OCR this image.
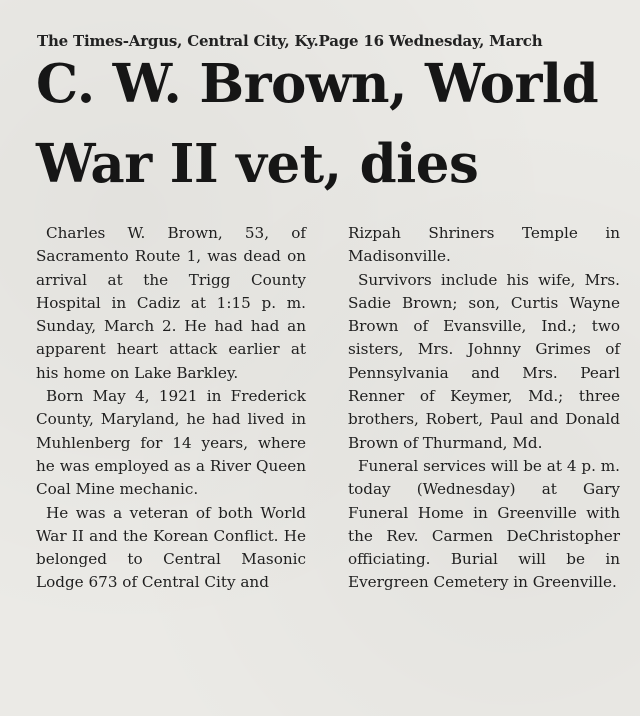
The Times-Argus, Central City, Ky.Page 16 Wednesday, March
C. W. Brown, World
War II vet, dies

Charles W. Brown, 53, of Sacramento Route 1, was dead on arrival at the Trigg County Hospital in Cadiz at 1:15 p. m. Sunday, March 2. He had had an apparent heart attack earlier at his home on Lake Barkley.

Born May 4, 1921 in Frederick County, Maryland, he had lived in Muhlenberg for 14 years, where he was employed as a River Queen Coal Mine mechanic.

He was a veteran of both World War II and the Korean Conflict. He belonged to Central Masonic Lodge 673 of Central City and

Rizpah Shriners Temple in Madisonville.

Survivors include his wife, Mrs. Sadie Brown; son, Curtis Wayne Brown of Evansville, Ind.; two sisters, Mrs. Johnny Grimes of Pennsylvania and Mrs. Pearl Renner of Keymer, Md.; three brothers, Robert, Paul and Donald Brown of Thurmand, Md.

Funeral services will be at 4 p. m. today (Wednesday) at Gary Funeral Home in Greenville with the Rev. Carmen DeChristopher officiating. Burial will be in Evergreen Cemetery in Greenville.
